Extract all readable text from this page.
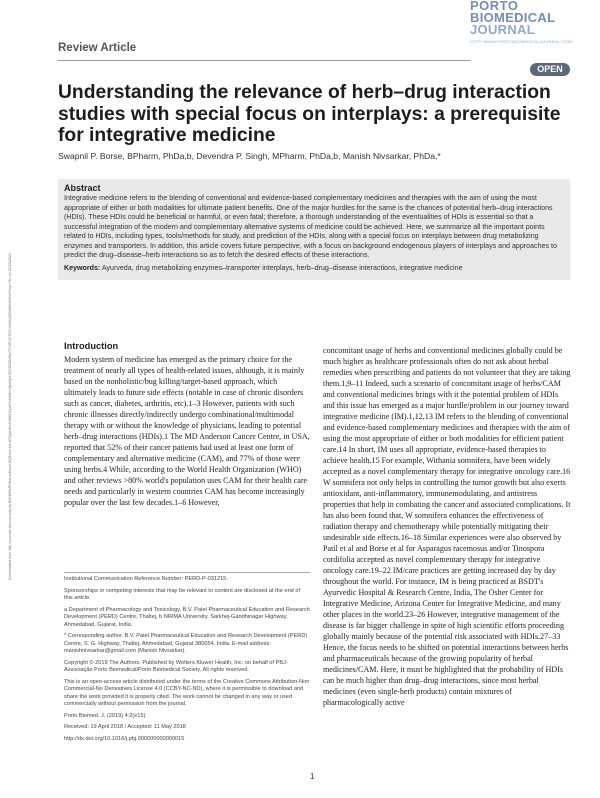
Downloaded from http://journals.lww.com/pbj by BhDMf5ePHKav1zEoum1tQfN4a+kJLhEZgbsIHo4XMi0hCywCX1AWnYQp/IlQrHD3i3D0OdRyi7TvSFl4Cf3VC4/OAVpDDa8KKGKV0Ymy+78= on 02/20/2024
Review Article
PORTO
BIOMEDICAL
JOURNAL
HTTP://WWW.PORTOBIOMEDICALJOURNAL.COM/
OPEN
Understanding the relevance of herb–drug interaction studies with special focus on interplays: a prerequisite for integrative medicine
Swapnil P. Borse, BPharm, PhDa,b, Devendra P. Singh, MPharm, PhDa,b, Manish Nivsarkar, PhDa,*
Abstract
Integrative medicine refers to the blending of conventional and evidence-based complementary medicines and therapies with the aim of using the most appropriate of either or both modalities for ultimate patient benefits. One of the major hurdles for the same is the chances of potential herb–drug interactions (HDIs). These HDIs could be beneficial or harmful, or even fatal; therefore, a thorough understanding of the eventualities of HDIs is essential so that a successful integration of the modern and complementary alternative systems of medicine could be achieved. Here, we summarize all the important points related to HDIs, including types, tools/methods for study, and prediction of the HDIs, along with a special focus on interplays between drug metabolizing enzymes and transporters. In addition, this article covers future perspective, with a focus on background endogenous players of interplays and approaches to predict the drug–disease–herb interactions so as to fetch the desired effects of these interactions.
Keywords: Ayurveda, drug metabolizing enzymes–transporter interplays, herb–drug–disease interactions, integrative medicine
Introduction
Modern system of medicine has emerged as the primary choice for the treatment of nearly all types of health-related issues, although, it is mainly based on the nonholistic/bug killing/target-based approach, which ultimately leads to future side effects (notable in case of chronic disorders such as cancer, diabetes, arthritis, etc).1–3 However, patients with such chronic illnesses directly/indirectly undergo combinational/multimodal therapy with or without the knowledge of physicians, leading to potential herb–drug interactions (HDIs).1 The MD Anderson Cancer Centre, in USA, reported that 52% of their cancer patients had used at least one form of complementary and alternative medicine (CAM), and 77% of those were using herbs.4 While, according to the World Health Organization (WHO) and other reviews >80% world's population uses CAM for their health care needs and particularly in western countries CAM has become increasingly popular over the last few decades.1–6 However,

Institutional Communication Reference Number: PERD-P-031215.

Sponsorships or competing interests that may be relevant to content are disclosed at the end of this article.

a Department of Pharmacology and Toxicology, B.V. Patel Pharmaceutical Education and Research Development (PERD) Centre, Thaltej, b NIRMA University, Sarkhej-Gandhinagar Highway, Ahmedabad, Gujarat, India.

* Corresponding author. B.V. Patel Pharmaceutical Education and Research Development (PERD) Centre, S. G. Highway, Thaltej, Ahmedabad, Gujarat 380054, India. E-mail address: manishnivsarkar@gmail.com (Manish Nivsarkar).

Copyright © 2019 The Authors. Published by Wolters Kluwer Health, Inc. on behalf of PBJ-Associação Porto Biomedical/Porto Biomedical Society. All rights reserved.

This is an open-access article distributed under the terms of the Creative Commons Attribution-Non Commercial-No Derivatives License 4.0 (CCBY-NC-ND), where it is permissible to download and share the work provided it is properly cited. The work cannot be changed in any way or used commercially without permission from the journal.

Porto Biomed. J. (2019) 4:2(e15)

Received: 19 April 2018 / Accepted: 11 May 2018

http://dx.doi.org/10.1016/j.pbj.000000000000015

concomitant usage of herbs and conventional medicines globally could be much higher as healthcare professionals often do not ask about herbal remedies when prescribing and patients do not volunteer that they are taking them.1,9–11 Indeed, such a scenario of concomitant usage of herbs/CAM and conventional medicines brings with it the potential problem of HDIs and this issue has emerged as a major hurdle/problem in our journey toward integrative medicine (IM).1,12,13 IM refers to the blending of conventional and evidence-based complementary medicines and therapies with the aim of using the most appropriate of either or both modalities for efficient patient care.14 In short, IM uses all appropriate, evidence-based therapies to achieve health.15 For example, Withania somnifera, have been widely accepted as a novel complementary therapy for integrative oncology care.16 W somnifera not only helps in controlling the tumor growth but also exerts antioxidant, anti-inflammatory, immunemodulating, and antistress properties that help in combating the cancer and associated complications. It has also been found that, W somnifera enhances the effectiveness of radiation therapy and chemotherapy while potentially mitigating their undesirable side effects.16–18 Similar experiences were also observed by Patil et al and Borse et al for Asparagus racemosus and/or Tinospora cordifolia accepted as novel complementary therapy for integrative oncology care.19–22 IM/care practices are getting increased day by day throughout the world. For instance, IM is being practiced at BSDT's Ayurvedic Hospital & Research Centre, India, The Osher Center for Integrative Medicine, Arizona Center for Integrative Medicine, and many other places in the world.23–26 However, integrative management of the disease is far bigger challenge in spite of high scientific efforts proceeding globally mainly because of the potential risk associated with HDIs.27–33 Hence, the focus needs to be shifted on potential interactions between herbs and pharmaceuticals because of the growing popularity of herbal medicines/CAM. Here, it must be highlighted that the probability of HDIs can be much higher than drug–drug interactions, since most herbal medicines (even single-herb products) contain mixtures of pharmacologically active
1
